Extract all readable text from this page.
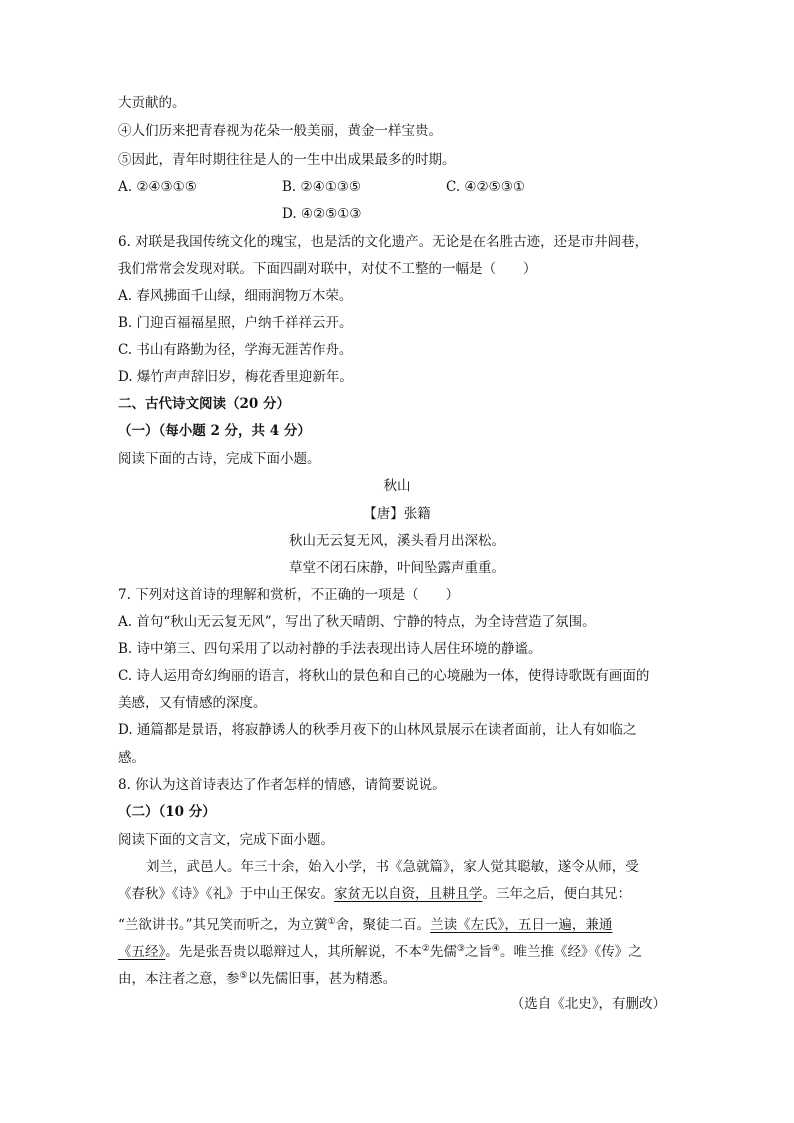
大贡献的。
④人们历来把青春视为花朵一般美丽，黄金一样宝贵。
⑤因此，青年时期往往是人的一生中出成果最多的时期。
A. ②④③①⑤	B. ②④①③⑤	C. ④②⑤③①
D. ④②⑤①③
6. 对联是我国传统文化的瑰宝，也是活的文化遗产。无论是在名胜古迹，还是市井闾巷，
我们常常会发现对联。下面四副对联中，对仗不工整的一幅是（　　）
A. 春风拂面千山绿，细雨润物万木荣。
B. 门迎百福福星照，户纳千祥祥云开。
C. 书山有路勤为径，学海无涯苦作舟。
D. 爆竹声声辞旧岁，梅花香里迎新年。
二、古代诗文阅读（20 分）
（一）（每小题 2 分，共 4 分）
阅读下面的古诗，完成下面小题。
秋山
【唐】张籍
秋山无云复无风，溪头看月出深松。
草堂不闭石床静，叶间坠露声重重。
7. 下列对这首诗的理解和赏析，不正确的一项是（　　）
A. 首句“秋山无云复无风”，写出了秋天晴朗、宁静的特点，为全诗营造了氛围。
B. 诗中第三、四句采用了以动衬静的手法表现出诗人居住环境的静谧。
C. 诗人运用奇幻绚丽的语言，将秋山的景色和自己的心境融为一体，使得诗歌既有画面的
美感，又有情感的深度。
D. 通篇都是景语，将寂静诱人的秋季月夜下的山林风景展示在读者面前，让人有如临之
感。
8. 你认为这首诗表达了作者怎样的情感，请简要说说。
（二）（10 分）
阅读下面的文言文，完成下面小题。
刘兰，武邑人。年三十余，始入小学，书《急就篇》，家人觉其聪敏，遂令从师，受
《春秋》《诗》《礼》于中山王保安。家贫无以自资，且耕且学。三年之后，便白其兄：
“兰欲讲书。”其兄笑而听之，为立黉①舍，聚徒二百。兰读《左氏》，五日一遍，兼通
《五经》。先是张吾贵以聪辩过人，其所解说，不本②先儒③之旨④。唯兰推《经》《传》之
由，本注者之意，参⑤以先儒旧事，甚为精悉。
（选自《北史》，有删改）
